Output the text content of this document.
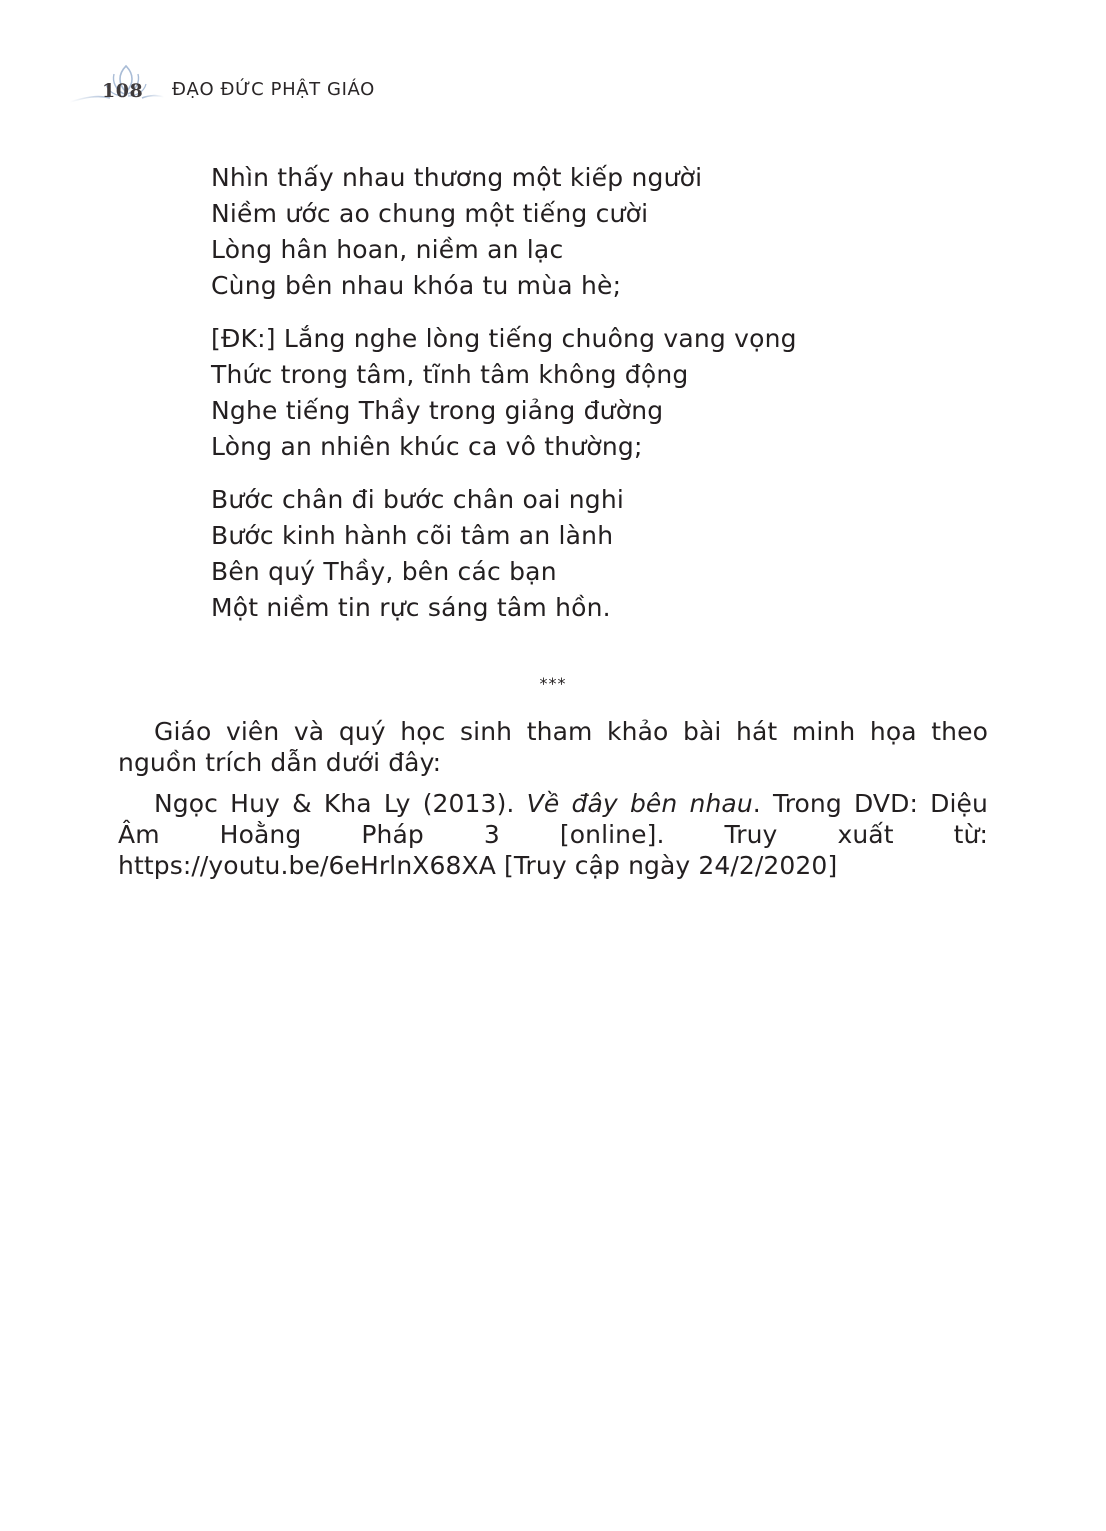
108 ĐẠO ĐỨC PHẬT GIÁO
Nhìn thấy nhau thương một kiếp người
Niềm ước ao chung một tiếng cười
Lòng hân hoan, niềm an lạc
Cùng bên nhau khóa tu mùa hè;
[ĐK:] Lắng nghe lòng tiếng chuông vang vọng
Thức trong tâm, tĩnh tâm không động
Nghe tiếng Thầy trong giảng đường
Lòng an nhiên khúc ca vô thường;
Bước chân đi bước chân oai nghi
Bước kinh hành cõi tâm an lành
Bên quý Thầy, bên các bạn
Một niềm tin rực sáng tâm hồn.
***

Giáo viên và quý học sinh tham khảo bài hát minh họa theo nguồn trích dẫn dưới đây:

Ngọc Huy & Kha Ly (2013). Về đây bên nhau. Trong DVD: Diệu Âm Hoằng Pháp 3 [online]. Truy xuất từ: https://youtu.be/6eHrlnX68XA [Truy cập ngày 24/2/2020]
